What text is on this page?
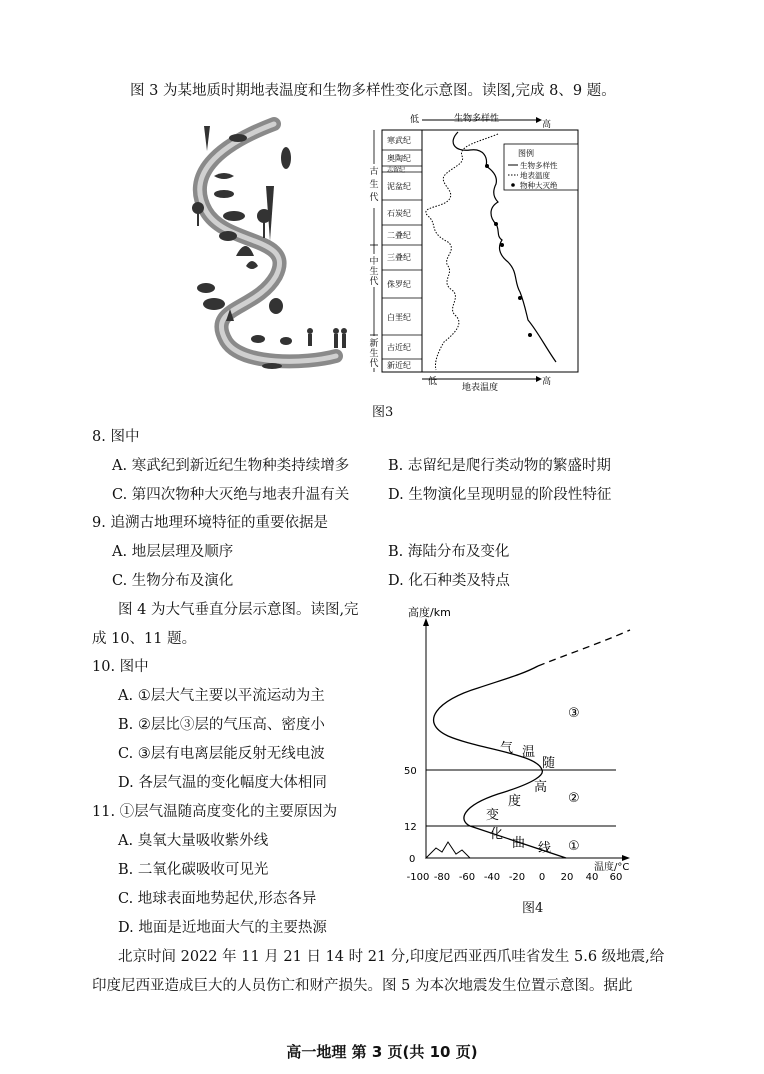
图 3 为某地质时期地表温度和生物多样性变化示意图。读图,完成 8、9 题。
低	生物多样性
高
寒武纪
奥陶纪
志留纪
泥盆纪
石炭纪
二叠纪
三叠纪
侏罗纪
白垩纪
古近纪
新近纪
古
生
代
中
生
代
新
生
代
图例
生物多样性
地表温度
物种大灭绝
低
地表温度
高
图3
8. 图中
A. 寒武纪到新近纪生物种类持续增多	B. 志留纪是爬行类动物的繁盛时期
C. 第四次物种大灭绝与地表升温有关	D. 生物演化呈现明显的阶段性特征
9. 追溯古地理环境特征的重要依据是
A. 地层层理及顺序	B. 海陆分布及变化
C. 生物分布及演化	D. 化石种类及特点
图 4 为大气垂直分层示意图。读图,完
成 10、11 题。
10. 图中
A. ①层大气主要以平流运动为主
B. ②层比③层的气压高、密度小
C. ③层有电离层能反射无线电波
D. 各层气温的变化幅度大体相同
11. ①层气温随高度变化的主要原因为
A. 臭氧大量吸收紫外线
B. 二氧化碳吸收可见光
C. 地球表面地势起伏,形态各异
D. 地面是近地面大气的主要热源
高度/km
0
12
50
-100 -80 -60 -40 -20 0 20 40 60
温度/°C
气 温
随
高
度
变
化
曲 线
③
②
①
图4
北京时间 2022 年 11 月 21 日 14 时 21 分,印度尼西亚西爪哇省发生 5.6 级地震,给
印度尼西亚造成巨大的人员伤亡和财产损失。图 5 为本次地震发生位置示意图。据此
高一地理 第 3 页(共 10 页)
